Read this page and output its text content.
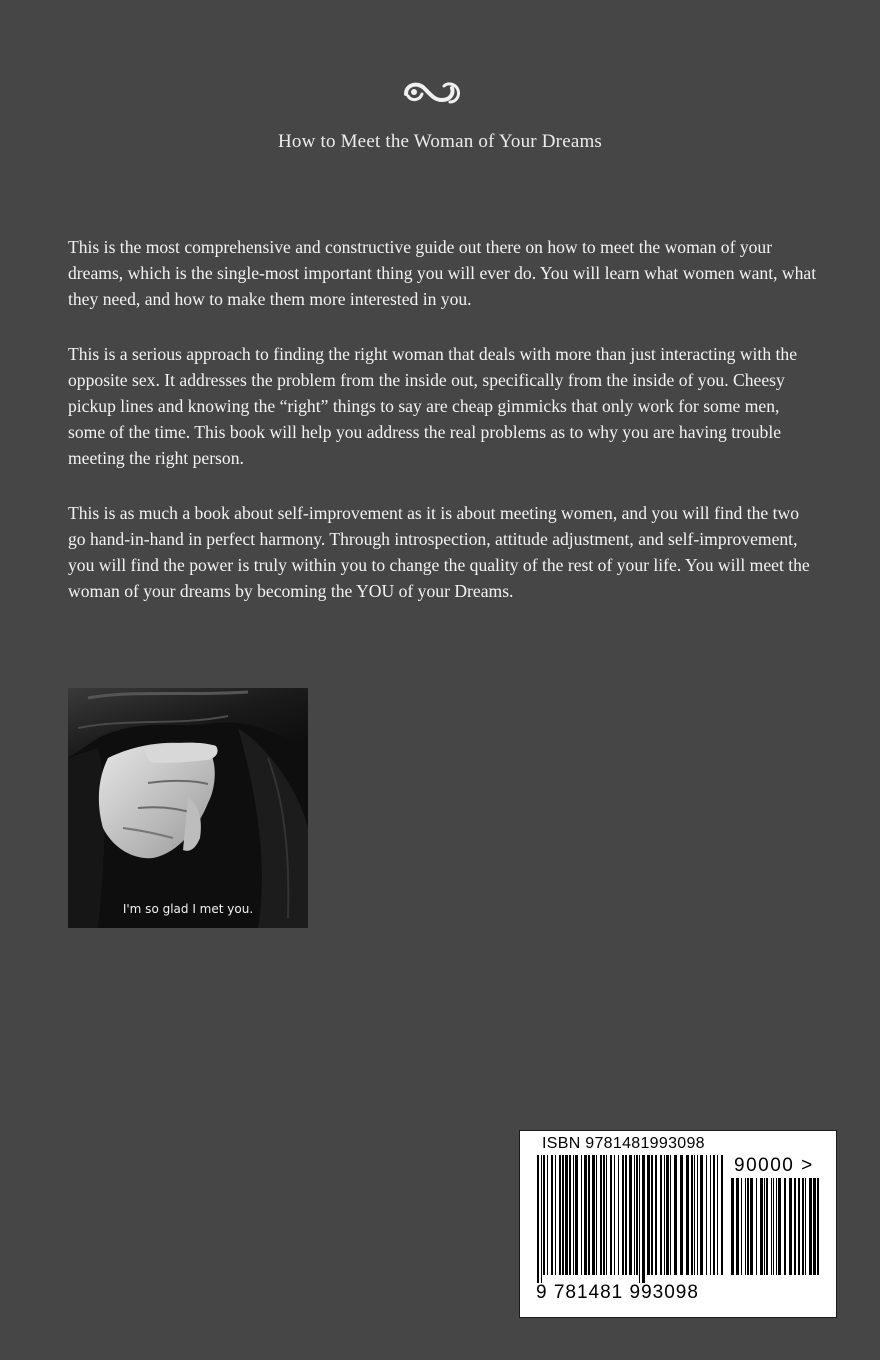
How to Meet the Woman of Your Dreams

This is the most comprehensive and constructive guide out there on how to meet the woman of your dreams, which is the single-most important thing you will ever do. You will learn what women want, what they need, and how to make them more interested in you.

This is a serious approach to finding the right woman that deals with more than just interacting with the opposite sex. It addresses the problem from the inside out, specifically from the inside of you. Cheesy pickup lines and knowing the “right” things to say are cheap gimmicks that only work for some men, some of the time. This book will help you address the real problems as to why you are having trouble meeting the right person.

This is as much a book about self-improvement as it is about meeting women, and you will find the two go hand-in-hand in perfect harmony. Through introspection, attitude adjustment, and self-improvement, you will find the power is truly within you to change the quality of the rest of your life. You will meet the woman of your dreams by becoming the YOU of your Dreams.

I'm so glad I met you.
ISBN 9781481993098
90000 >
9 781481 993098
